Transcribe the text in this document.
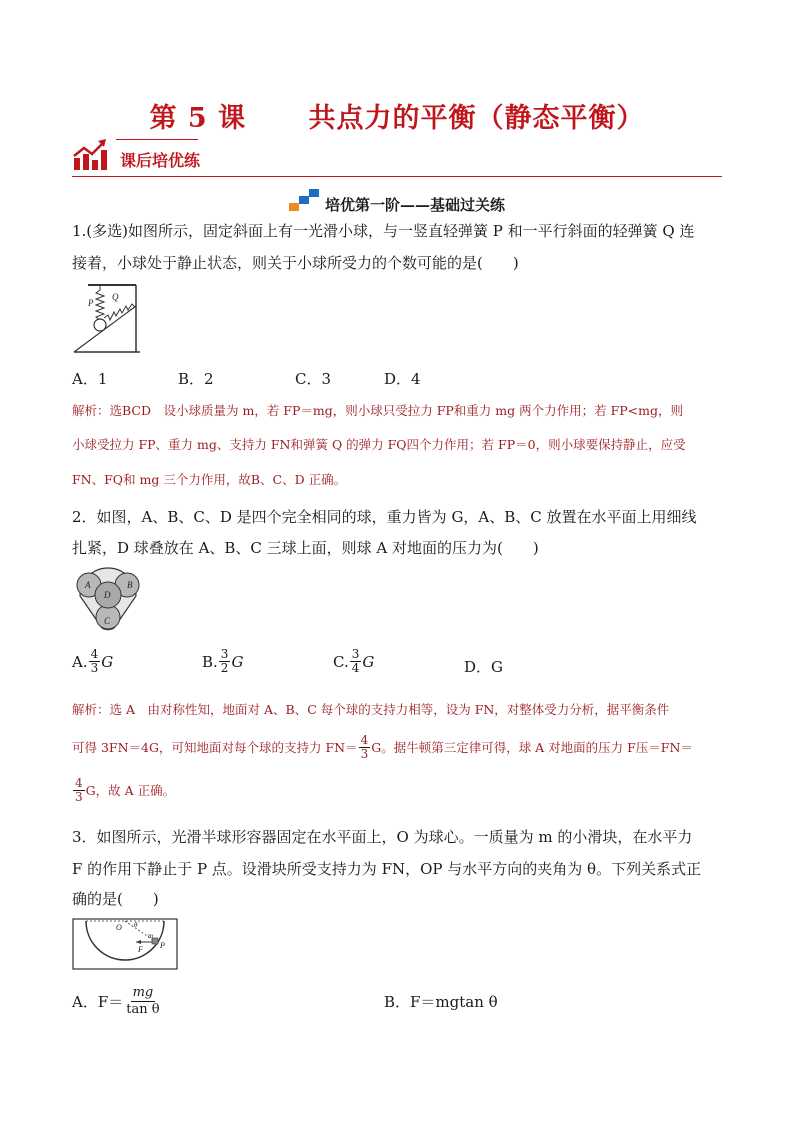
第 5 课      共点力的平衡（静态平衡）
课后培优练
培优第一阶——基础过关练
1.(多选)如图所示，固定斜面上有一光滑小球，与一竖直轻弹簧 P 和一平行斜面的轻弹簧 Q 连
接着，小球处于静止状态，则关于小球所受力的个数可能的是(　　)
P
Q
A．1	B．2	C．3	D．4
解析：选BCD　设小球质量为 m，若 FP＝mg，则小球只受拉力 FP和重力 mg 两个力作用；若 FP<mg，则
小球受拉力 FP、重力 mg、支持力 FN和弹簧 Q 的弹力 FQ四个力作用；若 FP＝0，则小球要保持静止，应受
FN、FQ和 mg 三个力作用，故B、C、D 正确。
2．如图，A、B、C、D 是四个完全相同的球，重力皆为 G，A、B、C 放置在水平面上用细线
扎紧，D 球叠放在 A、B、C 三球上面，则球 A 对地面的压力为(　　)
A	B
D
C
A. $\frac{4}{3}$ G	B. $\frac{3}{2}$ G	C. $\frac{3}{4}$ G	D．G
解析：选 A　由对称性知，地面对 A、B、C 每个球的支持力相等，设为 FN，对整体受力分析，据平衡条件
可得 3FN＝4G，可知地面对每个球的支持力 $FN= \frac{4}{3}$ G。据牛顿第三定律可得，球 A 对地面的压力 F压＝FN＝
$\frac{4}{3}$ G，故 A 正确。
3．如图所示，光滑半球形容器固定在水平面上，O 为球心。一质量为 m 的小滑块，在水平力
F 的作用下静止于 P 点。设滑块所受支持力为 FN，OP 与水平方向的夹角为 θ。下列关系式正
确的是(　　)
O θ
m
F P
A．$F= \frac{mg}{\text{tan θ}}$	B．F＝mgtan θ
